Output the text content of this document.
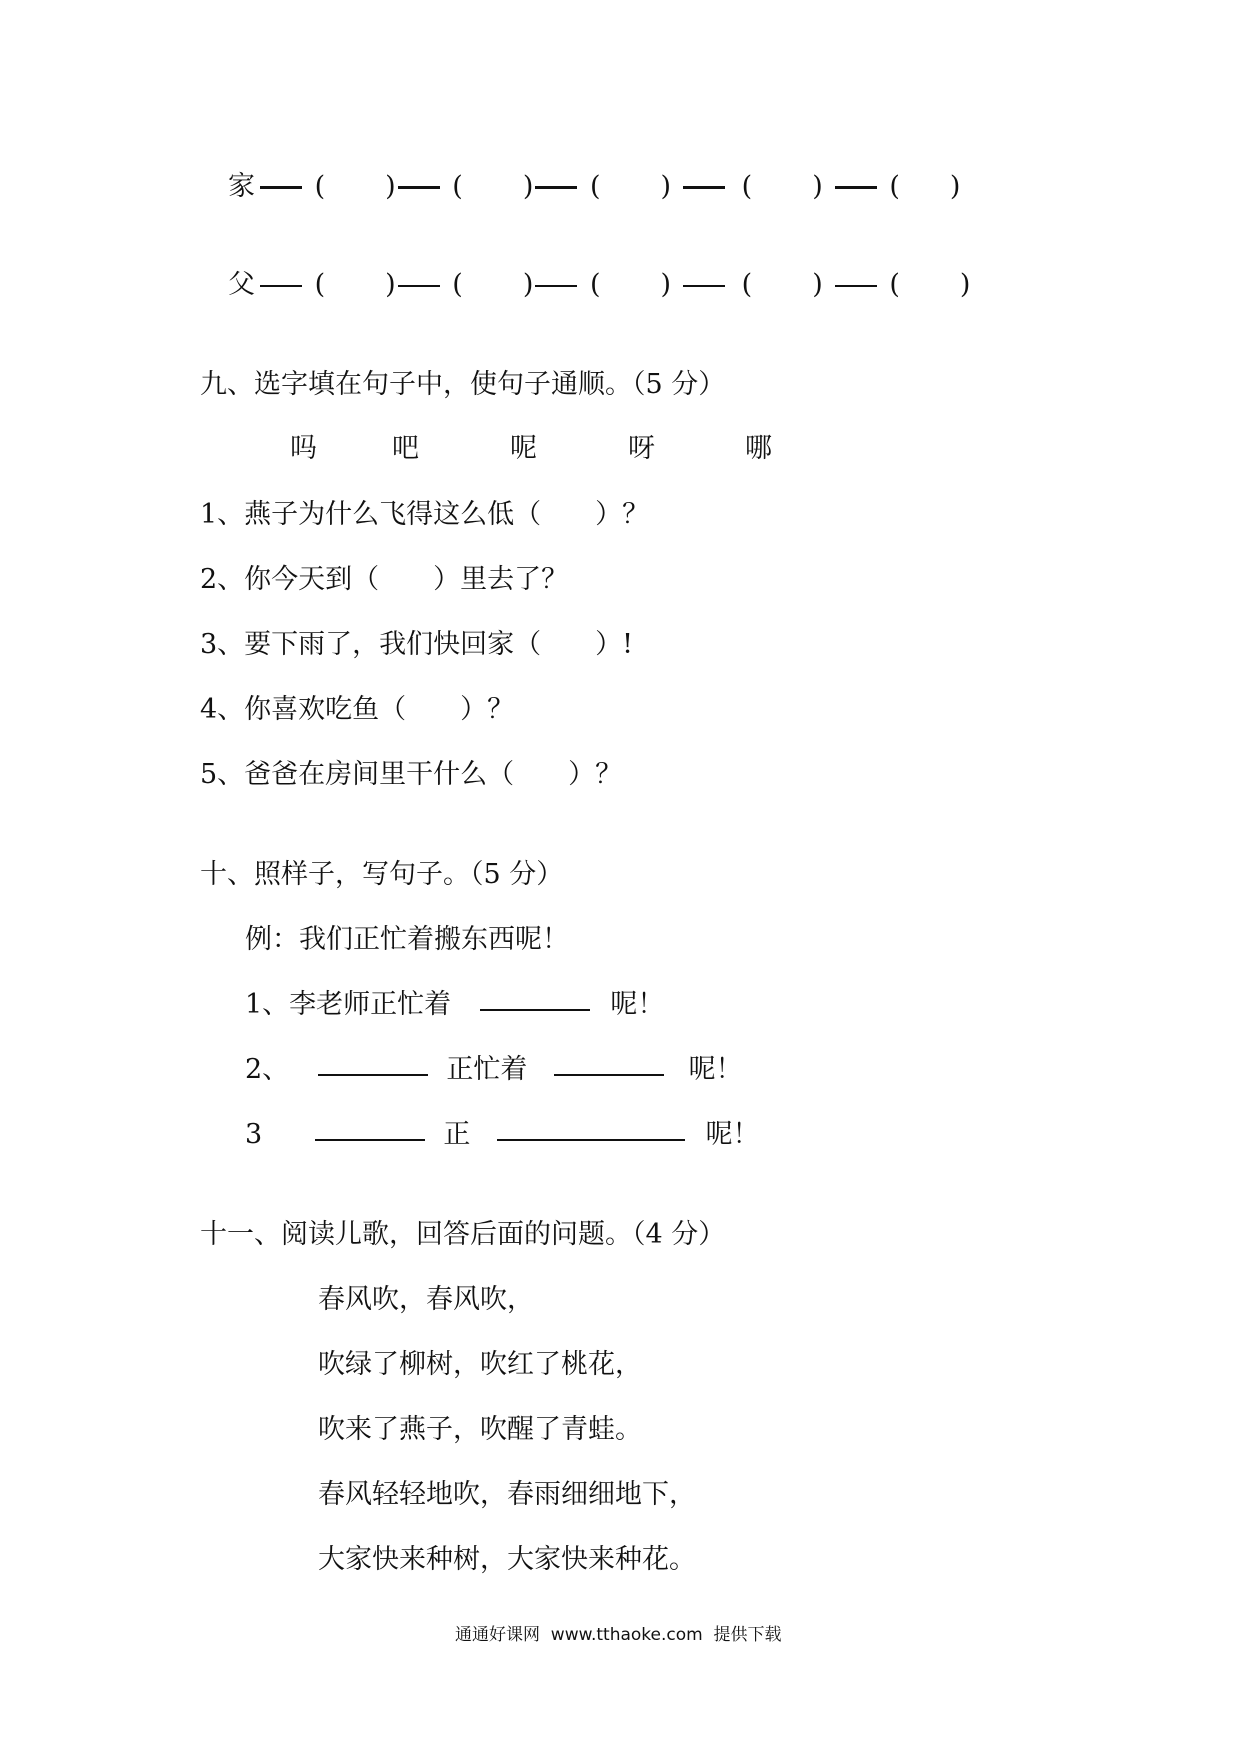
家 ( ) ( ) ( )	( ) ( )
父 ( ) ( ) ( )	( ) ( )
九、选字填在句子中，使句子通顺。（5 分）
吗	吧	呢	呀	哪
1、燕子为什么飞得这么低（　　）？
2、你今天到（　　）里去了？
3、要下雨了，我们快回家（　　）!
4、你喜欢吃鱼（　　）？
5、爸爸在房间里干什么（　　）？
十、照样子，写句子。（5 分）
例：我们正忙着搬东西呢！
1、李老师正忙着	呢！
2、	正忙着	呢！
3	正	呢！
十一、阅读儿歌，回答后面的问题。（4 分）
春风吹，春风吹，
吹绿了柳树，吹红了桃花，
吹来了燕子，吹醒了青蛙。
春风轻轻地吹，春雨细细地下，
大家快来种树，大家快来种花。
通通好课网  www.tthaoke.com  提供下载
